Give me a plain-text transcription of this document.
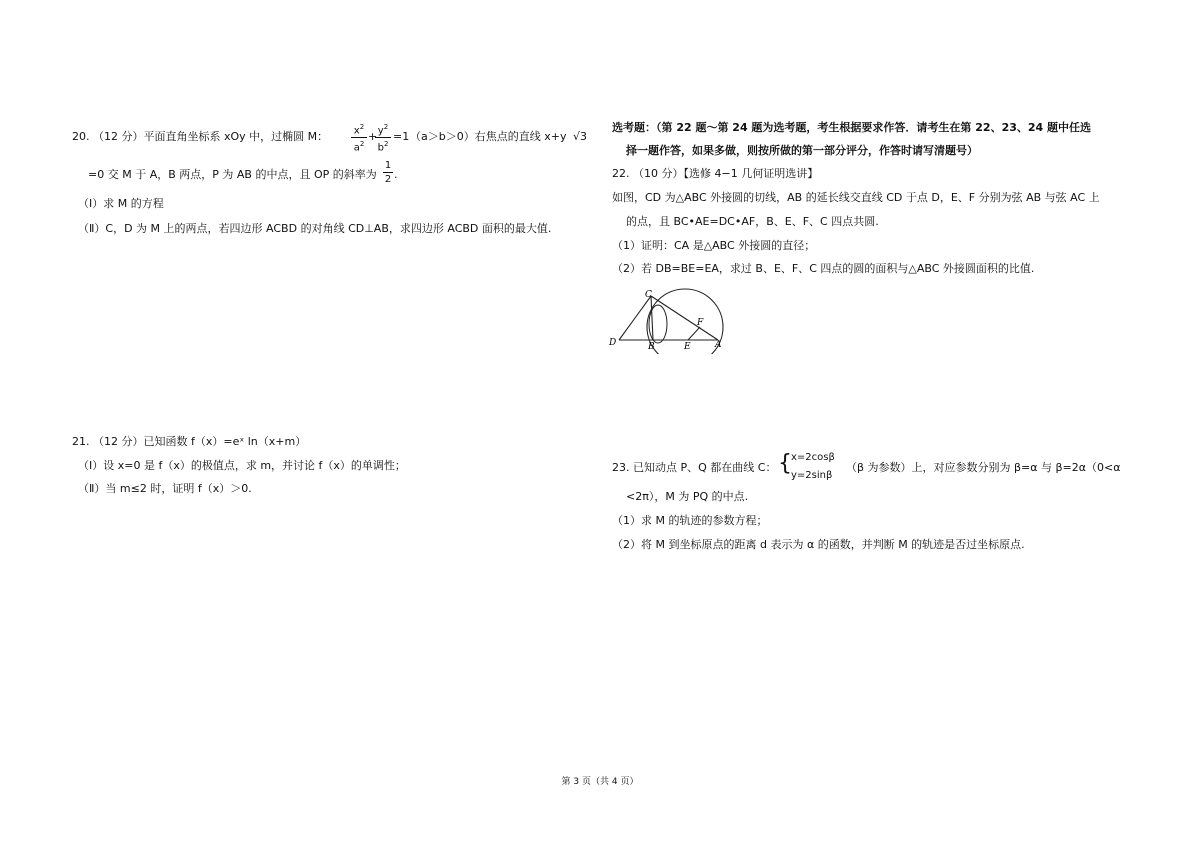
20. （12 分）平面直角坐标系 xOy 中，过椭圆 M：	$x^2$
$a^2$
+ $y^2$
$b^2$
=1 （a＞b＞0）右焦点的直线 x+y √3
=0 交 M 于 A，B 两点，P 为 AB 的中点，且 OP 的斜率为
1
2 .
（Ⅰ）求 M 的方程
（Ⅱ）C，D 为 M 上的两点，若四边形 ACBD 的对角线 CD⊥AB，求四边形 ACBD 面积的最大值.
21. （12 分）已知函数 f（x）=eˣ ln（x+m）
（I）设 x=0 是 f（x）的极值点，求 m，并讨论 f（x）的单调性；
（Ⅱ）当 m≤2 时，证明 f（x）＞0.
选考题：（第 22 题～第 24 题为选考题，考生根据要求作答．请考生在第 22、23、24 题中任选
择一题作答，如果多做，则按所做的第一部分评分，作答时请写清题号）
22. （10 分）【选修 4−1 几何证明选讲】
如图，CD 为△ABC 外接圆的切线，AB 的延长线交直线 CD 于点 D，E、F 分别为弦 AB 与弦 AC 上
的点，且 BC•AE=DC•AF，B、E、F、C 四点共圆.
（1）证明：CA 是△ABC 外接圆的直径；
（2）若 DB=BE=EA，求过 B、E、F、C 四点的圆的面积与△ABC 外接圆面积的比值.
C
D	B	E	A
F
23. 已知动点 P、Q 都在曲线 C： { x=2cosβ
y=2sinβ
（β 为参数）上，对应参数分别为 β=α 与 β=2α（0<α
<2π），M 为 PQ 的中点.
（1）求 M 的轨迹的参数方程；
（2）将 M 到坐标原点的距离 d 表示为 α 的函数，并判断 M 的轨迹是否过坐标原点.
第 3 页（共 4 页）
